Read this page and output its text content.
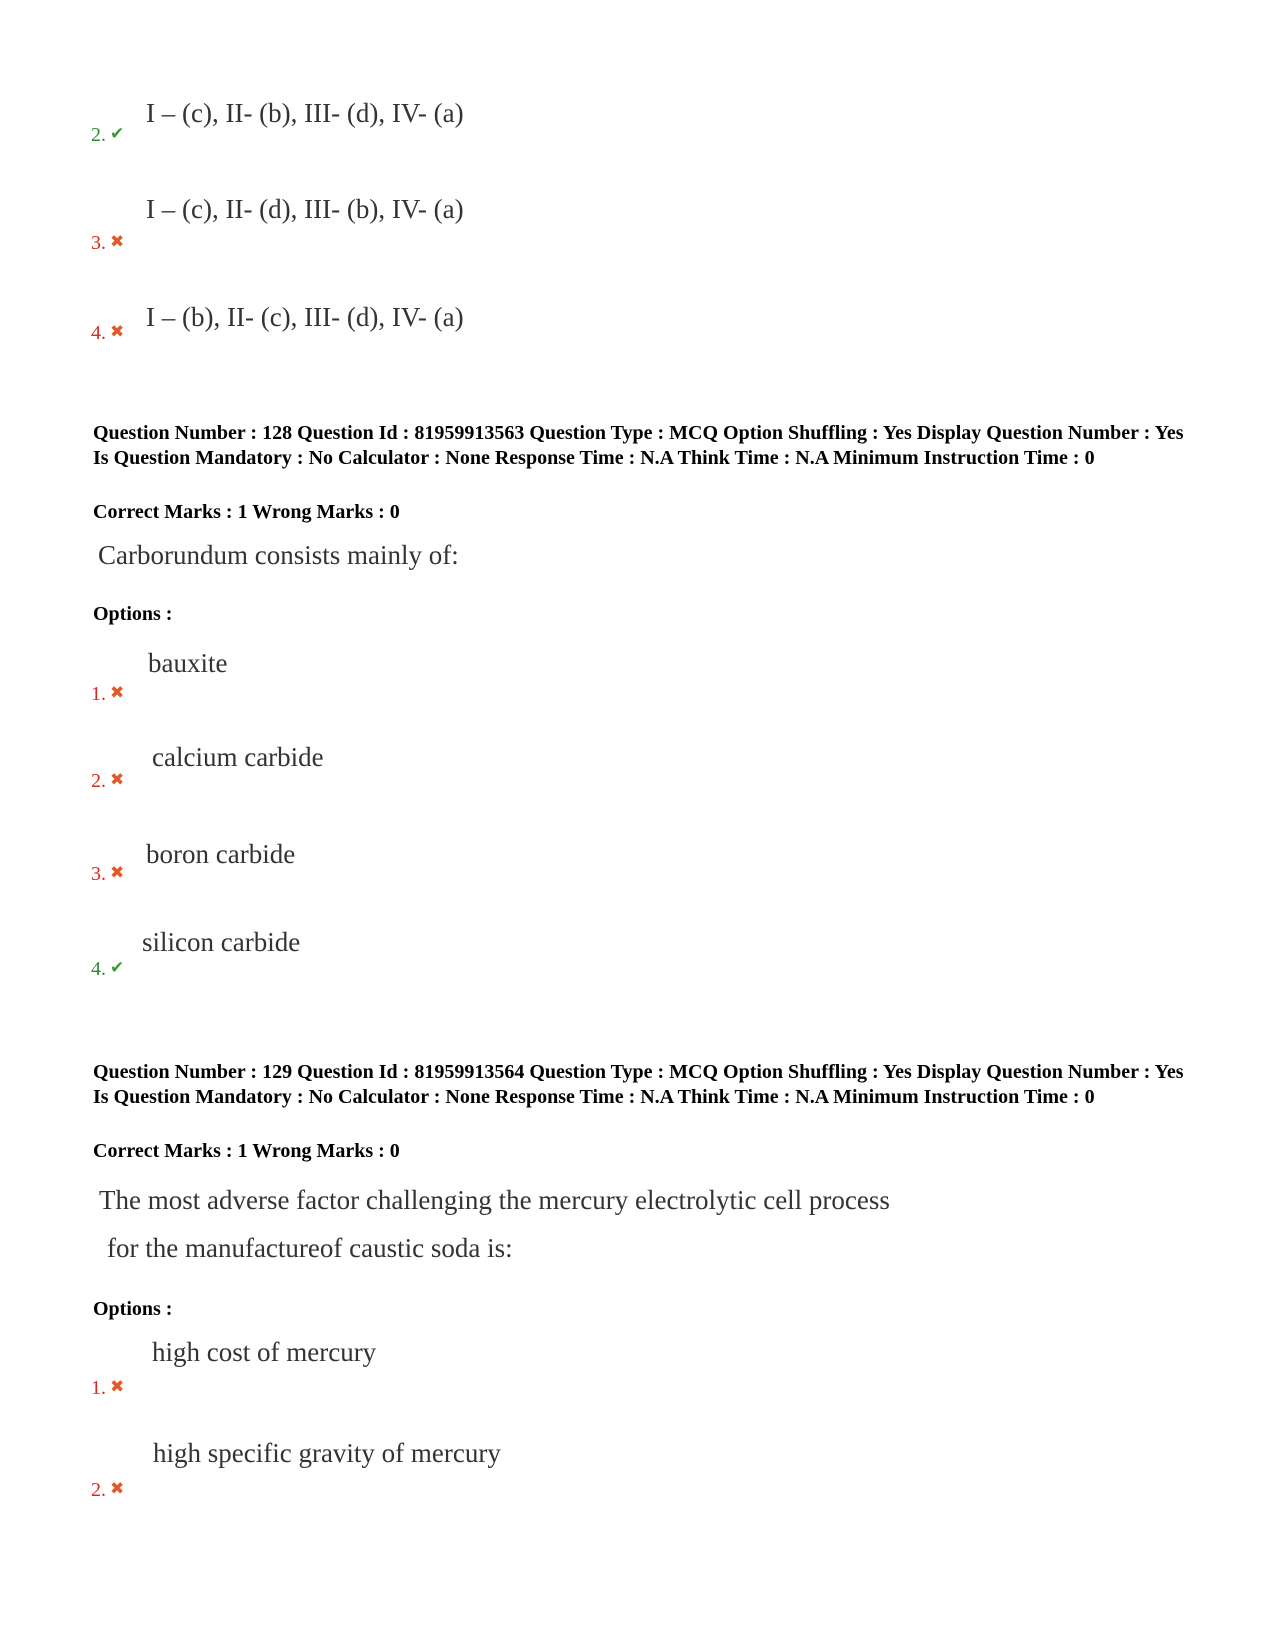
2. ✔
I – (c), II- (b), III- (d), IV- (a)
3. ✖
I – (c), II- (d), III- (b), IV- (a)
4. ✖ I – (b), II- (c), III- (d), IV- (a)
Question Number : 128 Question Id : 81959913563 Question Type : MCQ Option Shuffling : Yes Display Question Number : Yes Is Question Mandatory : No Calculator : None Response Time : N.A Think Time : N.A Minimum Instruction Time : 0
Correct Marks : 1 Wrong Marks : 0
Carborundum consists mainly of:
Options :
1. ✖
bauxite
2. ✖
calcium carbide
3. ✖
boron carbide
4. ✔
silicon carbide
Question Number : 129 Question Id : 81959913564 Question Type : MCQ Option Shuffling : Yes Display Question Number : Yes Is Question Mandatory : No Calculator : None Response Time : N.A Think Time : N.A Minimum Instruction Time : 0
Correct Marks : 1 Wrong Marks : 0
The most adverse factor challenging the mercury electrolytic cell process
for the manufactureof caustic soda is:
Options :
1. ✖
high cost of mercury
2. ✖
high specific gravity of mercury
